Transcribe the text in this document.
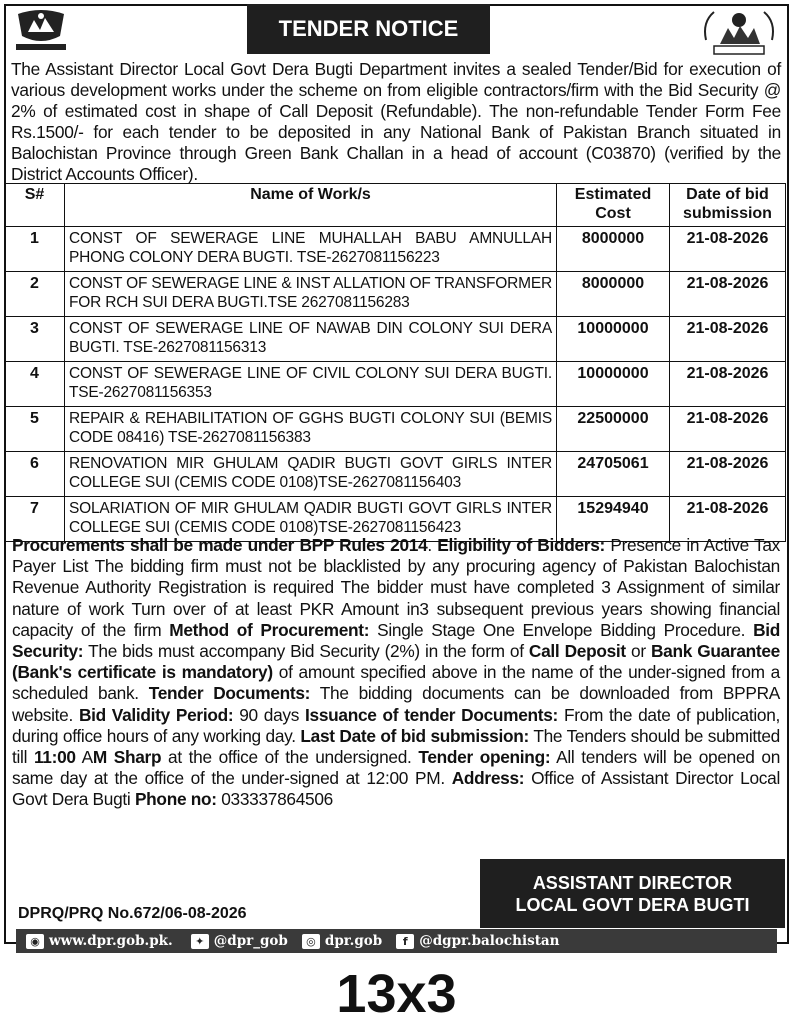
TENDER NOTICE

The Assistant Director Local Govt Dera Bugti Department invites a sealed Tender/Bid for execution of various development works under the scheme on from eligible contractors/firm with the Bid Security @ 2% of estimated cost in shape of Call Deposit (Refundable). The non-refundable Tender Form Fee Rs.1500/- for each tender to be deposited in any National Bank of Pakistan Branch situated in Balochistan Province through Green Bank Challan in a head of account (C03870) (verified by the District Accounts Officer).

S#	Name of Work/s	Estimated Cost	Date of bid submission
1	CONST OF SEWERAGE LINE MUHALLAH BABU AMNULLAH PHONG COLONY DERA BUGTI. TSE-2627081156223	8000000	21-08-2026
2	CONST OF SEWERAGE LINE & INST ALLATION OF TRANSFORMER FOR RCH SUI DERA BUGTI.TSE 2627081156283	8000000	21-08-2026
3	CONST OF SEWERAGE LINE OF NAWAB DIN COLONY SUI DERA BUGTI. TSE-2627081156313	10000000	21-08-2026
4	CONST OF SEWERAGE LINE OF CIVIL COLONY SUI DERA BUGTI. TSE-2627081156353	10000000	21-08-2026
5	REPAIR & REHABILITATION OF GGHS BUGTI COLONY SUI (BEMIS CODE 08416) TSE-2627081156383	22500000	21-08-2026
6	RENOVATION MIR GHULAM QADIR BUGTI GOVT GIRLS INTER COLLEGE SUI (CEMIS CODE 0108)TSE-2627081156403	24705061	21-08-2026
7	SOLARIATION OF MIR GHULAM QADIR BUGTI GOVT GIRLS INTER COLLEGE SUI (CEMIS CODE 0108)TSE-2627081156423	15294940	21-08-2026

Procurements shall be made under BPP Rules 2014. Eligibility of Bidders: Presence in Active Tax Payer List The bidding firm must not be blacklisted by any procuring agency of Pakistan Balochistan Revenue Authority Registration is required The bidder must have completed 3 Assignment of similar nature of work Turn over of at least PKR Amount in3 subsequent previous years showing financial capacity of the firm Method of Procurement: Single Stage One Envelope Bidding Procedure. Bid Security: The bids must accompany Bid Security (2%) in the form of Call Deposit or Bank Guarantee (Bank's certificate is mandatory) of amount specified above in the name of the under-signed from a scheduled bank. Tender Documents: The bidding documents can be downloaded from BPPRA website. Bid Validity Period: 90 days Issuance of tender Documents: From the date of publication, during office hours of any working day. Last Date of bid submission: The Tenders should be submitted till 11:00 AM Sharp at the office of the undersigned. Tender opening: All tenders will be opened on same day at the office of the under-signed at 12:00 PM. Address: Office of Assistant Director Local Govt Dera Bugti Phone no: 033337864506

ASSISTANT DIRECTOR
LOCAL GOVT DERA BUGTI
DPRQ/PRQ No.672/06-08-2026
◉ www.dpr.gob.pk.	✦ @dpr_gob	◎ dpr.gob	f @dgpr.balochistan
13x3
